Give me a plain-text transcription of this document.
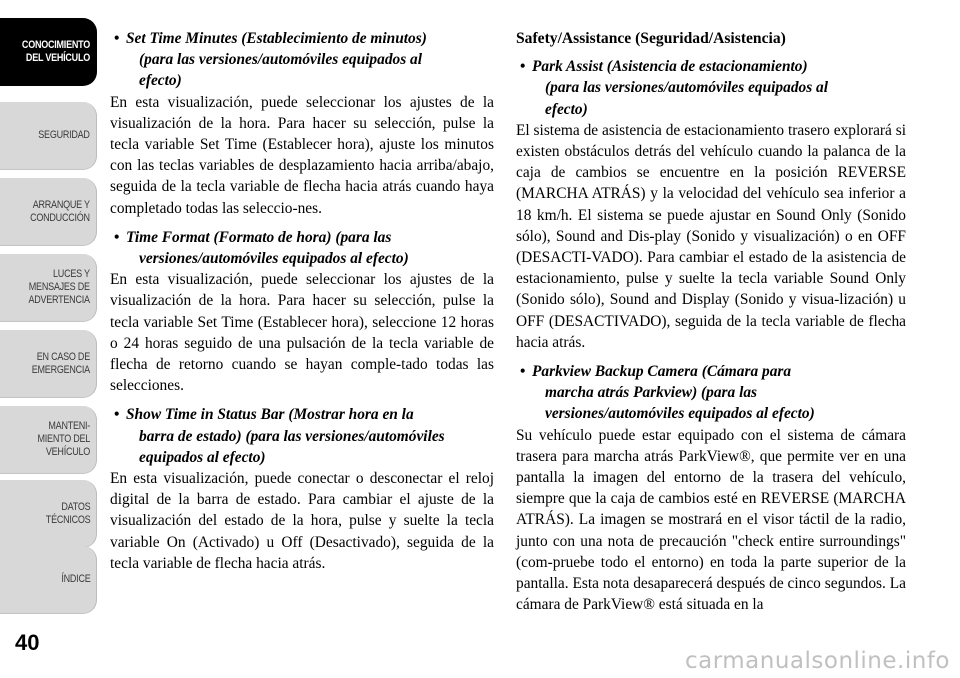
CONOCIMIENTO
DEL VEHÍCULO
SEGURIDAD
ARRANQUE Y
CONDUCCIÓN
LUCES Y
MENSAJES DE
ADVERTENCIA
EN CASO DE
EMERGENCIA
MANTENI-
MIENTO DEL
VEHÍCULO
DATOS
TÉCNICOS
ÍNDICE
40
• Set Time Minutes (Establecimiento de minutos)
(para las versiones/automóviles equipados al
efecto)

En esta visualización, puede seleccionar los ajustes de la visualización de la hora. Para hacer su selección, pulse la tecla variable Set Time (Establecer hora), ajuste los minutos con las teclas variables de desplazamiento hacia arriba/abajo, seguida de la tecla variable de flecha hacia atrás cuando haya completado todas las seleccio-nes.

• Time Format (Formato de hora) (para las
versiones/automóviles equipados al efecto)

En esta visualización, puede seleccionar los ajustes de la visualización de la hora. Para hacer su selección, pulse la tecla variable Set Time (Establecer hora), seleccione 12 horas o 24 horas seguido de una pulsación de la tecla variable de flecha de retorno cuando se hayan comple-tado todas las selecciones.

• Show Time in Status Bar (Mostrar hora en la
barra de estado) (para las versiones/automóviles
equipados al efecto)

En esta visualización, puede conectar o desconectar el reloj digital de la barra de estado. Para cambiar el ajuste de la visualización del estado de la hora, pulse y suelte la tecla variable On (Activado) u Off (Desactivado), seguida de la tecla variable de flecha hacia atrás.

Safety/Assistance (Seguridad/Asistencia)
• Park Assist (Asistencia de estacionamiento)
(para las versiones/automóviles equipados al
efecto)

El sistema de asistencia de estacionamiento trasero explorará si existen obstáculos detrás del vehículo cuando la palanca de la caja de cambios se encuentre en la posición REVERSE (MARCHA ATRÁS) y la velocidad del vehículo sea inferior a 18 km/h. El sistema se puede ajustar en Sound Only (Sonido sólo), Sound and Dis-play (Sonido y visualización) o en OFF (DESACTI-VADO). Para cambiar el estado de la asistencia de estacionamiento, pulse y suelte la tecla variable Sound Only (Sonido sólo), Sound and Display (Sonido y visua-lización) u OFF (DESACTIVADO), seguida de la tecla variable de flecha hacia atrás.

• Parkview Backup Camera (Cámara para
marcha atrás Parkview) (para las
versiones/automóviles equipados al efecto)

Su vehículo puede estar equipado con el sistema de cámara trasera para marcha atrás ParkView®, que permite ver en una pantalla la imagen del entorno de la trasera del vehículo, siempre que la caja de cambios esté en REVERSE (MARCHA ATRÁS). La imagen se mostrará en el visor táctil de la radio, junto con una nota de precaución "check entire surroundings" (com-pruebe todo el entorno) en toda la parte superior de la pantalla. Esta nota desaparecerá después de cinco segundos. La cámara de ParkView® está situada en la

carmanualsonline.info
